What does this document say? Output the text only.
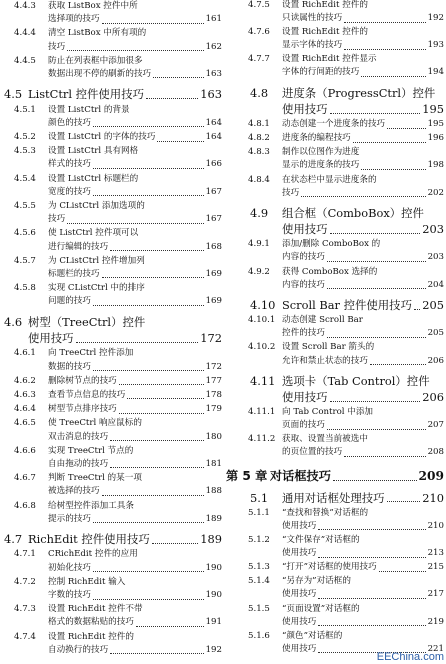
4.4.3 获取 ListBox 控件中所
选择项的技巧	161
4.4.4 清空 ListBox 中所有项的
技巧	162
4.4.5 防止在列表框中添加很多
数据出现不停的刷新的技巧	163
4.5 ListCtrl 控件使用技巧	163
4.5.1 设置 ListCtrl 的背景
颜色的技巧	164
4.5.2 设置 ListCtrl 的字体的技巧	164
4.5.3 设置 ListCtrl 具有网格
样式的技巧	166
4.5.4 设置 ListCtrl 标题栏的
宽度的技巧	167
4.5.5 为 CListCtrl 添加选项的
技巧	167
4.5.6 使 ListCtrl 控件项可以
进行编辑的技巧	168
4.5.7 为 CListCtrl 控件增加列
标题栏的技巧	169
4.5.8 实现 CListCtrl 中的排序
问题的技巧	169
4.6 树型（TreeCtrl）控件
使用技巧	172
4.6.1 向 TreeCtrl 控件添加
数据的技巧	172
4.6.2 删除树节点的技巧	177
4.6.3 查看节点信息的技巧	178
4.6.4 树型节点排序技巧	179
4.6.5 使 TreeCtrl 响应鼠标的
双击消息的技巧	180
4.6.6 实现 TreeCtrl 节点的
自由拖动的技巧	181
4.6.7 判断 TreeCtrl 的某一项
被选择的技巧	188
4.6.8 给树型控件添加工具条
提示的技巧	189
4.7 RichEdit 控件使用技巧	189
4.7.1 CRichEdit 控件的应用
初始化技巧	190
4.7.2 控制 RichEdit 输入
字数的技巧	190
4.7.3 设置 RichEdit 控件不带
格式的数据粘贴的技巧	191
4.7.4 设置 RichEdit 控件的
自动换行的技巧	192
4.7.5 设置 RichEdit 控件的
只读属性的技巧	192
4.7.6 设置 RichEdit 控件的
显示字体的技巧	193
4.7.7 设置 RichEdit 控件显示
字体的行间距的技巧	194
4.8 进度条（ProgressCtrl）控件
使用技巧	195
4.8.1 动态创建一个进度条的技巧	195
4.8.2 进度条的编程技巧	196
4.8.3 制作以位图作为进度
显示的进度条的技巧	198
4.8.4 在状态栏中显示进度条的
技巧	202
4.9 组合框（ComboBox）控件
使用技巧	203
4.9.1 添加/删除 ComboBox 的
内容的技巧	203
4.9.2 获得 ComboBox 选择的
内容的技巧	204
4.10 Scroll Bar 控件使用技巧 205
4.10.1 动态创建 Scroll Bar
控件的技巧	205
4.10.2 设置 Scroll Bar 箭头的
允许和禁止状态的技巧	206
4.11 选项卡（Tab Control）控件
使用技巧	206
4.11.1 向 Tab Control 中添加
页面的技巧	207
4.11.2 获取、设置当前被选中
的页位置的技巧	208
第 5 章 对话框技巧	209
5.1 通用对话框处理技巧	210
5.1.1 “查找和替换”对话框的
使用技巧	210
5.1.2 “文件保存”对话框的
使用技巧	213
5.1.3 “打开”对话框的使用技巧	215
5.1.4 “另存为”对话框的
使用技巧	217
5.1.5 “页面设置”对话框的
使用技巧	219
5.1.6 “颜色”对话框的
使用技巧	221
EEChina.com
